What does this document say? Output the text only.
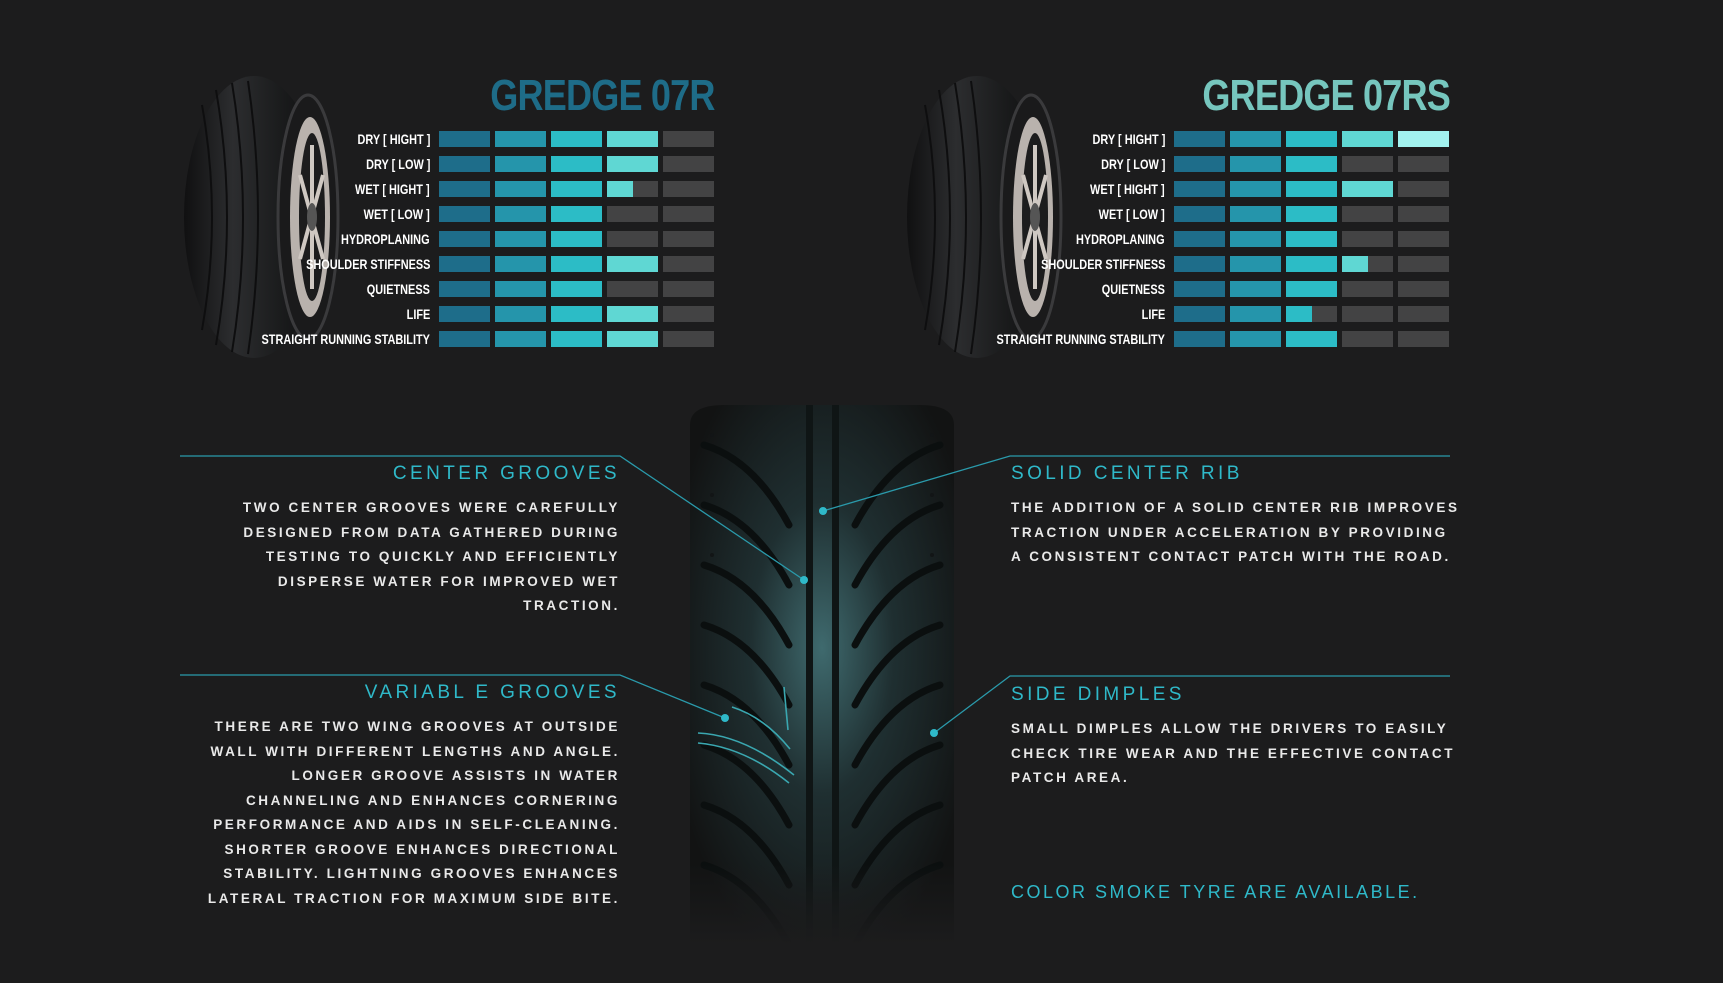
GREDGE 07R
DRY [ HIGHT ]
DRY [ LOW ]
WET [ HIGHT ]
WET [ LOW ]
HYDROPLANING
SHOULDER STIFFNESS
QUIETNESS
LIFE
STRAIGHT RUNNING STABILITY
GREDGE 07RS
DRY [ HIGHT ]
DRY [ LOW ]
WET [ HIGHT ]
WET [ LOW ]
HYDROPLANING
SHOULDER STIFFNESS
QUIETNESS
LIFE
STRAIGHT RUNNING STABILITY
CENTER GROOVES
TWO CENTER GROOVES WERE CAREFULLY DESIGNED FROM DATA GATHERED DURING TESTING TO QUICKLY AND EFFICIENTLY DISPERSE WATER FOR IMPROVED WET TRACTION.
VARIABL E GROOVES
THERE ARE TWO WING GROOVES AT OUTSIDE WALL WITH DIFFERENT LENGTHS AND ANGLE. LONGER GROOVE ASSISTS IN WATER CHANNELING AND ENHANCES CORNERING PERFORMANCE AND AIDS IN SELF-CLEANING. SHORTER GROOVE ENHANCES DIRECTIONAL STABILITY. LIGHTNING GROOVES ENHANCES LATERAL TRACTION FOR MAXIMUM SIDE BITE.
SOLID CENTER RIB
THE ADDITION OF A SOLID CENTER RIB IMPROVES TRACTION UNDER ACCELERATION BY PROVIDING A CONSISTENT CONTACT PATCH WITH THE ROAD.
SIDE DIMPLES
SMALL DIMPLES ALLOW THE DRIVERS TO EASILY CHECK TIRE WEAR AND THE EFFECTIVE CONTACT PATCH AREA.
COLOR SMOKE TYRE ARE AVAILABLE.
